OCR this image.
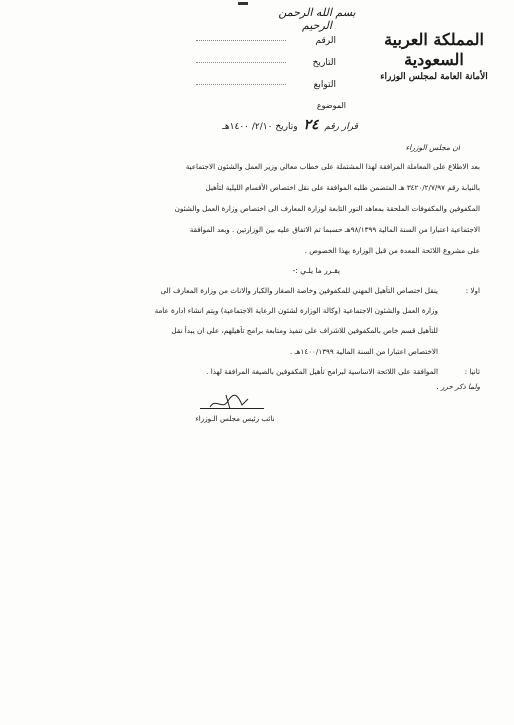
بسم الله الرحمن الرحيم
المملكة العربية السعودية
الأمانة العامة لمجلس الوزراء
الرقم
التاريخ
التوابع
الموضوع
قرار رقم ٢٤ وتاريخ ٢/١٠/ ١٤٠٠هـ
ان مجلس الوزراء
بعد الاطلاع على المعاملة المرافقة لهذا المشتملة على خطاب معالي وزير العمل والشئون الاجتماعية
بالنيابة رقم ٣٤٢٠/٢/٧/٩٧ هـ المتضمن طلبه الموافقة على نقل اختصاص الأقسام الليلية لتأهيل
المكفوفين والمكفوفات الملحقة بمعاهد النور التابعة لوزارة المعارف الى اختصاص وزارة العمل والشئون
الاجتماعية اعتبارا من السنة المالية ٩٨/١٣٩٩هـ حسبما تم الاتفاق عليه بين الوزارتين . وبعد الموافقة
على مشروع اللائحة المعدة من قبل الوزارة بهذا الخصوص .
يقـرر ما يلـي :-
اولا :
ينقل اختصاص التأهيل المهني للمكفوفين وخاصة الصغار والكبار والاناث من وزارة المعارف الى
وزارة العمل والشئون الاجتماعية (وكالة الوزارة لشئون الرعاية الاجتماعية) ويتم انشاء ادارة عامة
للتأهيل قسم خاص بالمكفوفين للاشراف على تنفيذ ومتابعة برامج تأهيلهم، على ان يبدأ نقل
الاختصاص اعتبارا من السنة المالية ١٤٠٠/١٣٩٩هـ .
ثانيا :
الموافقة على اللائحة الاساسية لبرامج تأهيل المكفوفين بالصيغة المرافقة لهذا .
ولما ذكر حرر .
نائب رئيس مجلس الـوزراء
